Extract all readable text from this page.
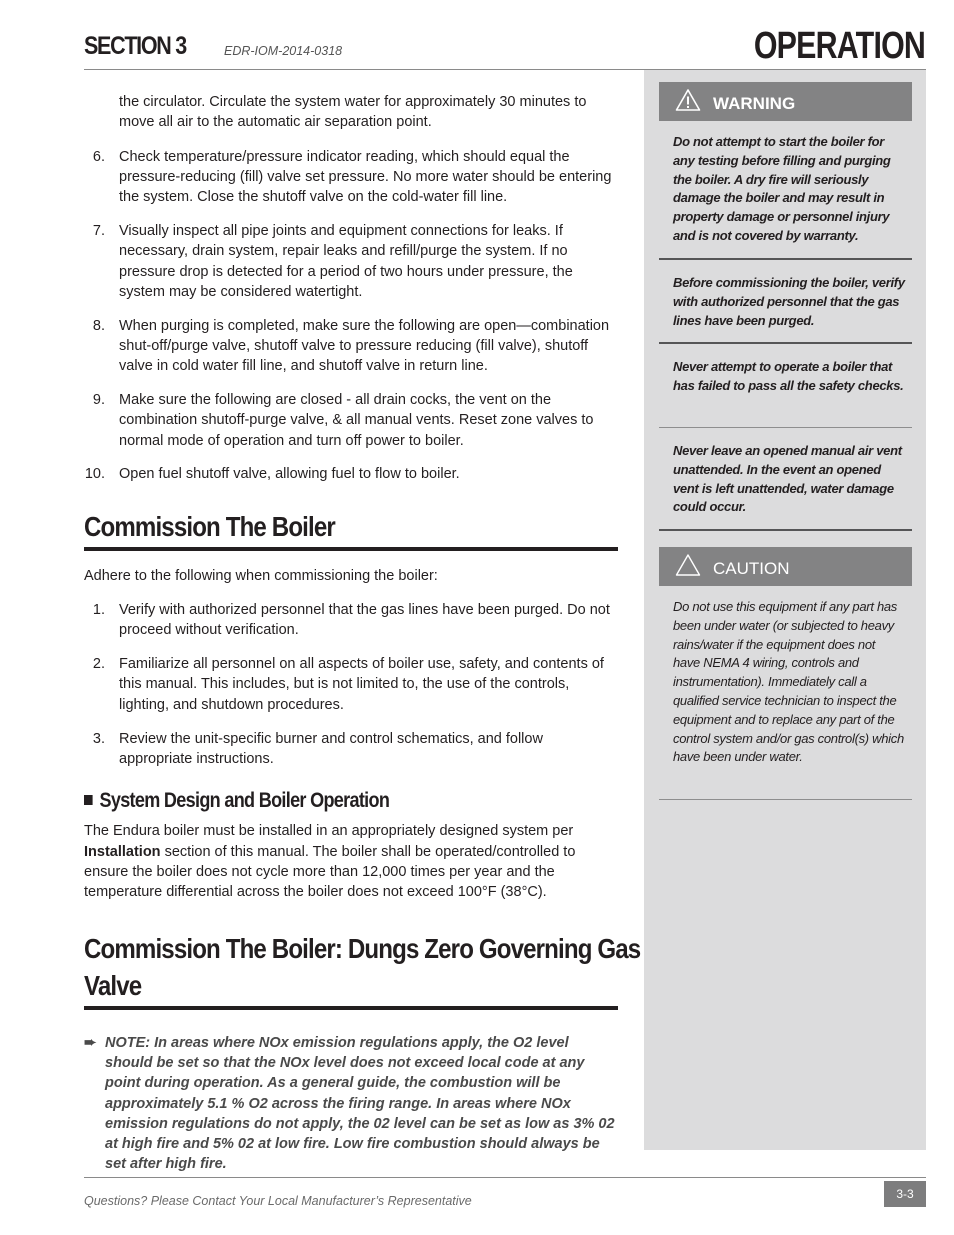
SECTION 3	EDR-IOM-2014-0318	OPERATION
the circulator. Circulate the system water for approximately 30 minutes to move all air to the automatic air separation point.
6. Check temperature/pressure indicator reading, which should equal the pressure-reducing (fill) valve set pressure. No more water should be entering the system. Close the shutoff valve on the cold-water fill line.
7. Visually inspect all pipe joints and equipment connections for leaks. If necessary, drain system, repair leaks and refill/purge the system. If no pressure drop is detected for a period of two hours under pressure, the system may be considered watertight.
8. When purging is completed, make sure the following are open—combination shut-off/purge valve, shutoff valve to pressure reducing (fill valve), shutoff valve in cold water fill line, and shutoff valve in return line.
9. Make sure the following are closed - all drain cocks, the vent on the combination shutoff-purge valve, & all manual vents. Reset zone valves to normal mode of operation and turn off power to boiler.
10. Open fuel shutoff valve, allowing fuel to flow to boiler.
Commission The Boiler

Adhere to the following when commissioning the boiler:

1. Verify with authorized personnel that the gas lines have been purged. Do not proceed without verification.
2. Familiarize all personnel on all aspects of boiler use, safety, and contents of this manual. This includes, but is not limited to, the use of the controls, lighting, and shutdown procedures.
3. Review the unit-specific burner and control schematics, and follow appropriate instructions.
System Design and Boiler Operation

The Endura boiler must be installed in an appropriately designed system per Installation section of this manual. The boiler shall be operated/controlled to ensure the boiler does not cycle more than 12,000 times per year and the temperature differential across the boiler does not exceed 100°F (38°C).

Commission The Boiler: Dungs Zero Governing Gas
Valve
➨ NOTE: In areas where NOx emission regulations apply, the O2 level should be set so that the NOx level does not exceed local code at any point during operation. As a general guide, the combustion will be approximately 5.1 % O2 across the firing range. In areas where NOx emission regulations do not apply, the 02 level can be set as low as 3% 02 at high fire and 5% 02 at low fire. Low fire combustion should always be set after high fire.
WARNING
Do not attempt to start the boiler for any testing before filling and purging the boiler. A dry fire will seriously damage the boiler and may result in property damage or personnel injury and is not covered by warranty.
Before commissioning the boiler, verify with authorized personnel that the gas lines have been purged.
Never attempt to operate a boiler that has failed to pass all the safety checks.
Never leave an opened manual air vent unattended. In the event an opened vent is left unattended, water damage could occur.
CAUTION
Do not use this equipment if any part has been under water (or subjected to heavy rains/water if the equipment does not have NEMA 4 wiring, controls and instrumentation). Immediately call a qualified service technician to inspect the equipment and to replace any part of the control system and/or gas control(s) which have been under water.
Questions? Please Contact Your Local Manufacturer’s Representative	3-3
